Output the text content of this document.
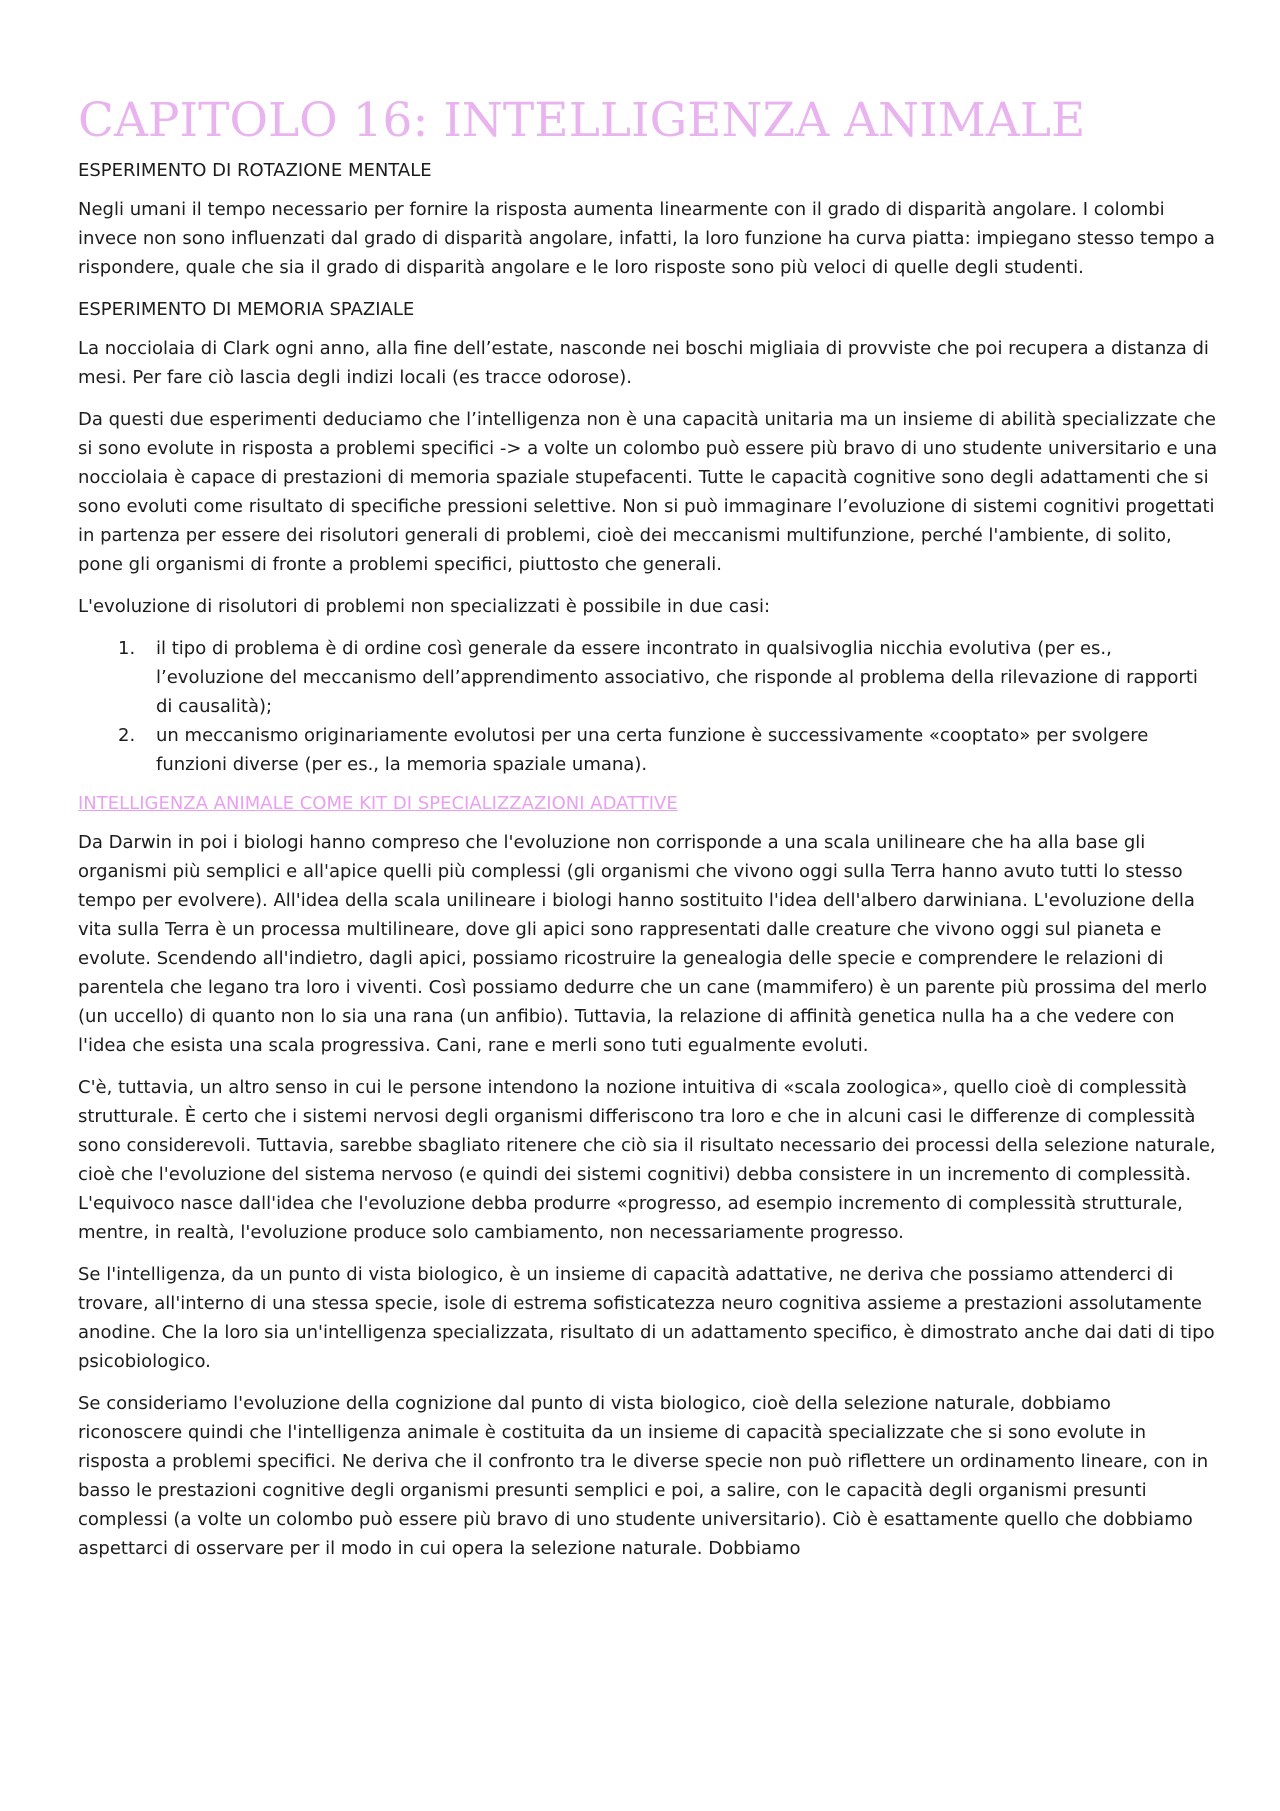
CAPITOLO 16: INTELLIGENZA ANIMALE

ESPERIMENTO DI ROTAZIONE MENTALE

Negli umani il tempo necessario per fornire la risposta aumenta linearmente con il grado di disparità angolare. I colombi invece non sono influenzati dal grado di disparità angolare, infatti, la loro funzione ha curva piatta: impiegano stesso tempo a rispondere, quale che sia il grado di disparità angolare e le loro risposte sono più veloci di quelle degli studenti.

ESPERIMENTO DI MEMORIA SPAZIALE

La nocciolaia di Clark ogni anno, alla fine dell’estate, nasconde nei boschi migliaia di provviste che poi recupera a distanza di mesi. Per fare ciò lascia degli indizi locali (es tracce odorose).

Da questi due esperimenti deduciamo che l’intelligenza non è una capacità unitaria ma un insieme di abilità specializzate che si sono evolute in risposta a problemi specifici -> a volte un colombo può essere più bravo di uno studente universitario e una nocciolaia è capace di prestazioni di memoria spaziale stupefacenti. Tutte le capacità cognitive sono degli adattamenti che si sono evoluti come risultato di specifiche pressioni selettive. Non si può immaginare l’evoluzione di sistemi cognitivi progettati in partenza per essere dei risolutori generali di problemi, cioè dei meccanismi multifunzione, perché l'ambiente, di solito, pone gli organismi di fronte a problemi specifici, piuttosto che generali.

L'evoluzione di risolutori di problemi non specializzati è possibile in due casi:

1. il tipo di problema è di ordine così generale da essere incontrato in qualsivoglia nicchia evolutiva (per es., l’evoluzione del meccanismo dell’apprendimento associativo, che risponde al problema della rilevazione di rapporti di causalità);
2. un meccanismo originariamente evolutosi per una certa funzione è successivamente «cooptato» per svolgere funzioni diverse (per es., la memoria spaziale umana).

INTELLIGENZA ANIMALE COME KIT DI SPECIALIZZAZIONI ADATTIVE

Da Darwin in poi i biologi hanno compreso che l'evoluzione non corrisponde a una scala unilineare che ha alla base gli organismi più semplici e all'apice quelli più complessi (gli organismi che vivono oggi sulla Terra hanno avuto tutti lo stesso tempo per evolvere). All'idea della scala unilineare i biologi hanno sostituito l'idea dell'albero darwiniana. L'evoluzione della vita sulla Terra è un processa multilineare, dove gli apici sono rappresentati dalle creature che vivono oggi sul pianeta e evolute. Scendendo all'indietro, dagli apici, possiamo ricostruire la genealogia delle specie e comprendere le relazioni di parentela che legano tra loro i viventi. Così possiamo dedurre che un cane (mammifero) è un parente più prossima del merlo (un uccello) di quanto non lo sia una rana (un anfibio). Tuttavia, la relazione di affinità genetica nulla ha a che vedere con l'idea che esista una scala progressiva. Cani, rane e merli sono tuti egualmente evoluti.

C'è, tuttavia, un altro senso in cui le persone intendono la nozione intuitiva di «scala zoologica», quello cioè di complessità strutturale. È certo che i sistemi nervosi degli organismi differiscono tra loro e che in alcuni casi le differenze di complessità sono considerevoli. Tuttavia, sarebbe sbagliato ritenere che ciò sia il risultato necessario dei processi della selezione naturale, cioè che l'evoluzione del sistema nervoso (e quindi dei sistemi cognitivi) debba consistere in un incremento di complessità. L'equivoco nasce dall'idea che l'evoluzione debba produrre «progresso, ad esempio incremento di complessità strutturale, mentre, in realtà, l'evoluzione produce solo cambiamento, non necessariamente progresso.

Se l'intelligenza, da un punto di vista biologico, è un insieme di capacità adattative, ne deriva che possiamo attenderci di trovare, all'interno di una stessa specie, isole di estrema sofisticatezza neuro cognitiva assieme a prestazioni assolutamente anodine. Che la loro sia un'intelligenza specializzata, risultato di un adattamento specifico, è dimostrato anche dai dati di tipo psicobiologico.

Se consideriamo l'evoluzione della cognizione dal punto di vista biologico, cioè della selezione naturale, dobbiamo riconoscere quindi che l'intelligenza animale è costituita da un insieme di capacità specializzate che si sono evolute in risposta a problemi specifici. Ne deriva che il confronto tra le diverse specie non può riflettere un ordinamento lineare, con in basso le prestazioni cognitive degli organismi presunti semplici e poi, a salire, con le capacità degli organismi presunti complessi (a volte un colombo può essere più bravo di uno studente universitario). Ciò è esattamente quello che dobbiamo aspettarci di osservare per il modo in cui opera la selezione naturale. Dobbiamo
